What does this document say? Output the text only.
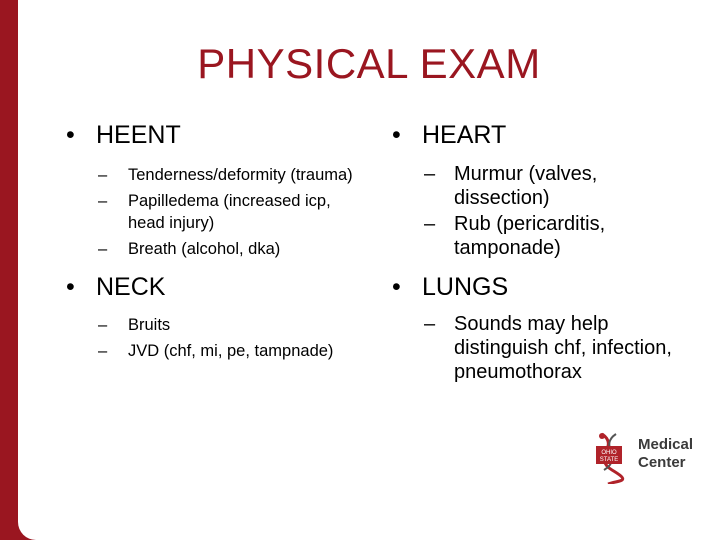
PHYSICAL EXAM
• HEENT
– Tenderness/deformity (trauma)
– Papilledema (increased icp, head injury)
– Breath (alcohol, dka)
• NECK
– Bruits
– JVD (chf, mi, pe, tampnade)
• HEART
– Murmur (valves, dissection)
– Rub (pericarditis, tamponade)
• LUNGS
– Sounds may help distinguish chf, infection, pneumothorax
OHIO
STATE
Medical
Center
